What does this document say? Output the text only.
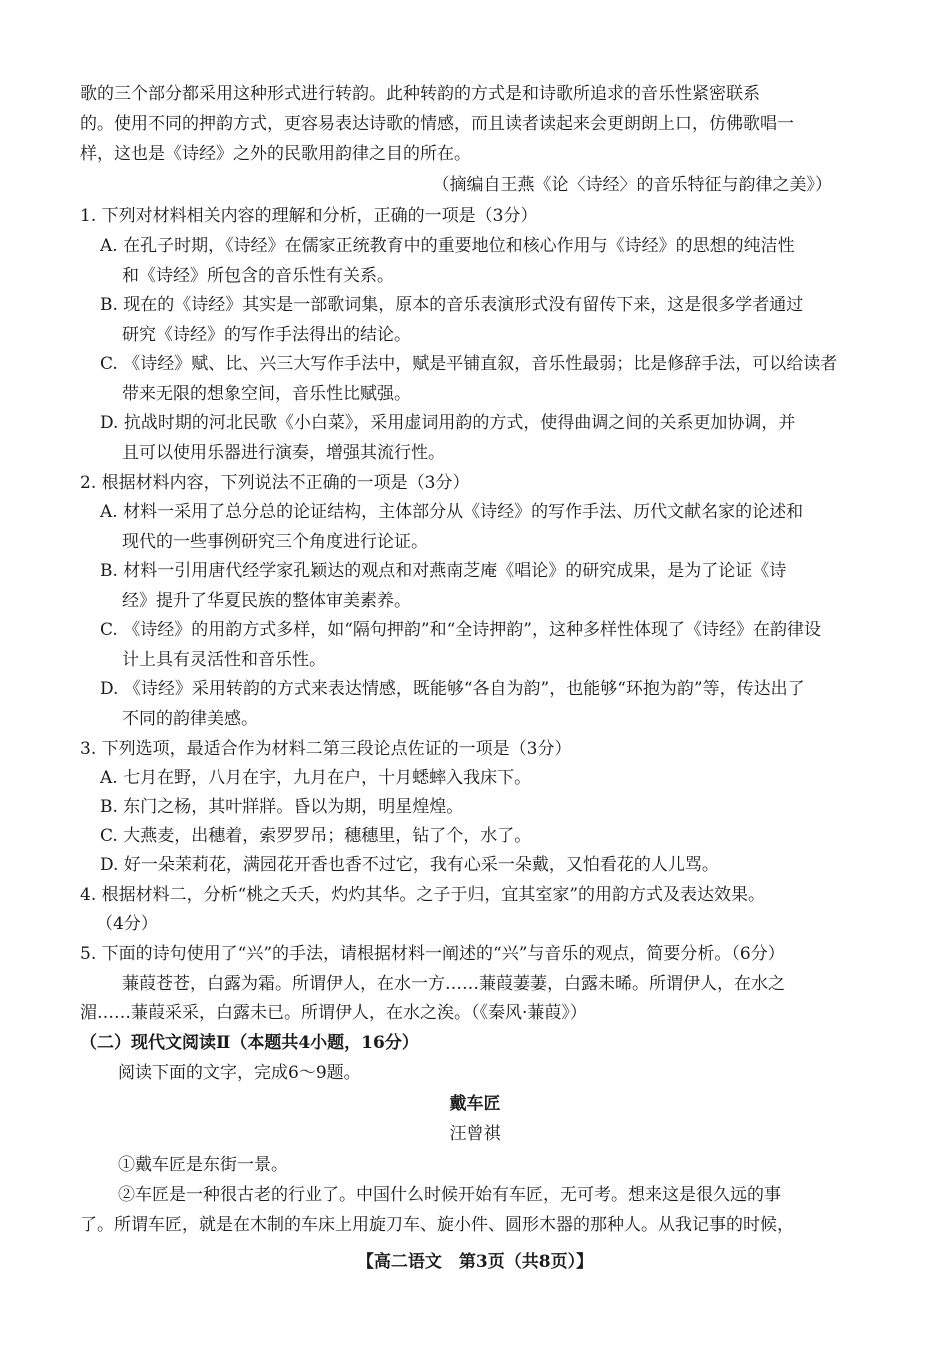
歌的三个部分都采用这种形式进行转韵。此种转韵的方式是和诗歌所追求的音乐性紧密联系
的。使用不同的押韵方式，更容易表达诗歌的情感，而且读者读起来会更朗朗上口，仿佛歌唱一
样，这也是《诗经》之外的民歌用韵律之目的所在。
（摘编自王燕《论〈诗经〉的音乐特征与韵律之美》）
1. 下列对材料相关内容的理解和分析，正确的一项是（3分）
A. 在孔子时期，《诗经》在儒家正统教育中的重要地位和核心作用与《诗经》的思想的纯洁性
和《诗经》所包含的音乐性有关系。
B. 现在的《诗经》其实是一部歌词集，原本的音乐表演形式没有留传下来，这是很多学者通过
研究《诗经》的写作手法得出的结论。
C. 《诗经》赋、比、兴三大写作手法中，赋是平铺直叙，音乐性最弱；比是修辞手法，可以给读者
带来无限的想象空间，音乐性比赋强。
D. 抗战时期的河北民歌《小白菜》，采用虚词用韵的方式，使得曲调之间的关系更加协调，并
且可以使用乐器进行演奏，增强其流行性。
2. 根据材料内容，下列说法不正确的一项是（3分）
A. 材料一采用了总分总的论证结构，主体部分从《诗经》的写作手法、历代文献名家的论述和
现代的一些事例研究三个角度进行论证。
B. 材料一引用唐代经学家孔颖达的观点和对燕南芝庵《唱论》的研究成果，是为了论证《诗
经》提升了华夏民族的整体审美素养。
C. 《诗经》的用韵方式多样，如“隔句押韵”和“全诗押韵”，这种多样性体现了《诗经》在韵律设
计上具有灵活性和音乐性。
D. 《诗经》采用转韵的方式来表达情感，既能够“各自为韵”，也能够“环抱为韵”等，传达出了
不同的韵律美感。
3. 下列选项，最适合作为材料二第三段论点佐证的一项是（3分）
A. 七月在野，八月在宇，九月在户，十月蟋蟀入我床下。
B. 东门之杨，其叶牂牂。昏以为期，明星煌煌。
C. 大燕麦，出穗着，索罗罗吊；穗穗里，钻了个，水了。
D. 好一朵茉莉花，满园花开香也香不过它，我有心采一朵戴，又怕看花的人儿骂。
4. 根据材料二，分析“桃之夭夭，灼灼其华。之子于归，宜其室家”的用韵方式及表达效果。
（4分）
5. 下面的诗句使用了“兴”的手法，请根据材料一阐述的“兴”与音乐的观点，简要分析。（6分）
蒹葭苍苍，白露为霜。所谓伊人，在水一方……蒹葭萋萋，白露未晞。所谓伊人，在水之
湄……蒹葭采采，白露未已。所谓伊人，在水之涘。（《秦风·蒹葭》）
（二）现代文阅读Ⅱ（本题共4小题，16分）
阅读下面的文字，完成6～9题。
戴车匠
汪曾祺
①戴车匠是东街一景。
②车匠是一种很古老的行业了。中国什么时候开始有车匠，无可考。想来这是很久远的事
了。所谓车匠，就是在木制的车床上用旋刀车、旋小件、圆形木器的那种人。从我记事的时候，
【高二语文　第3页（共8页）】
